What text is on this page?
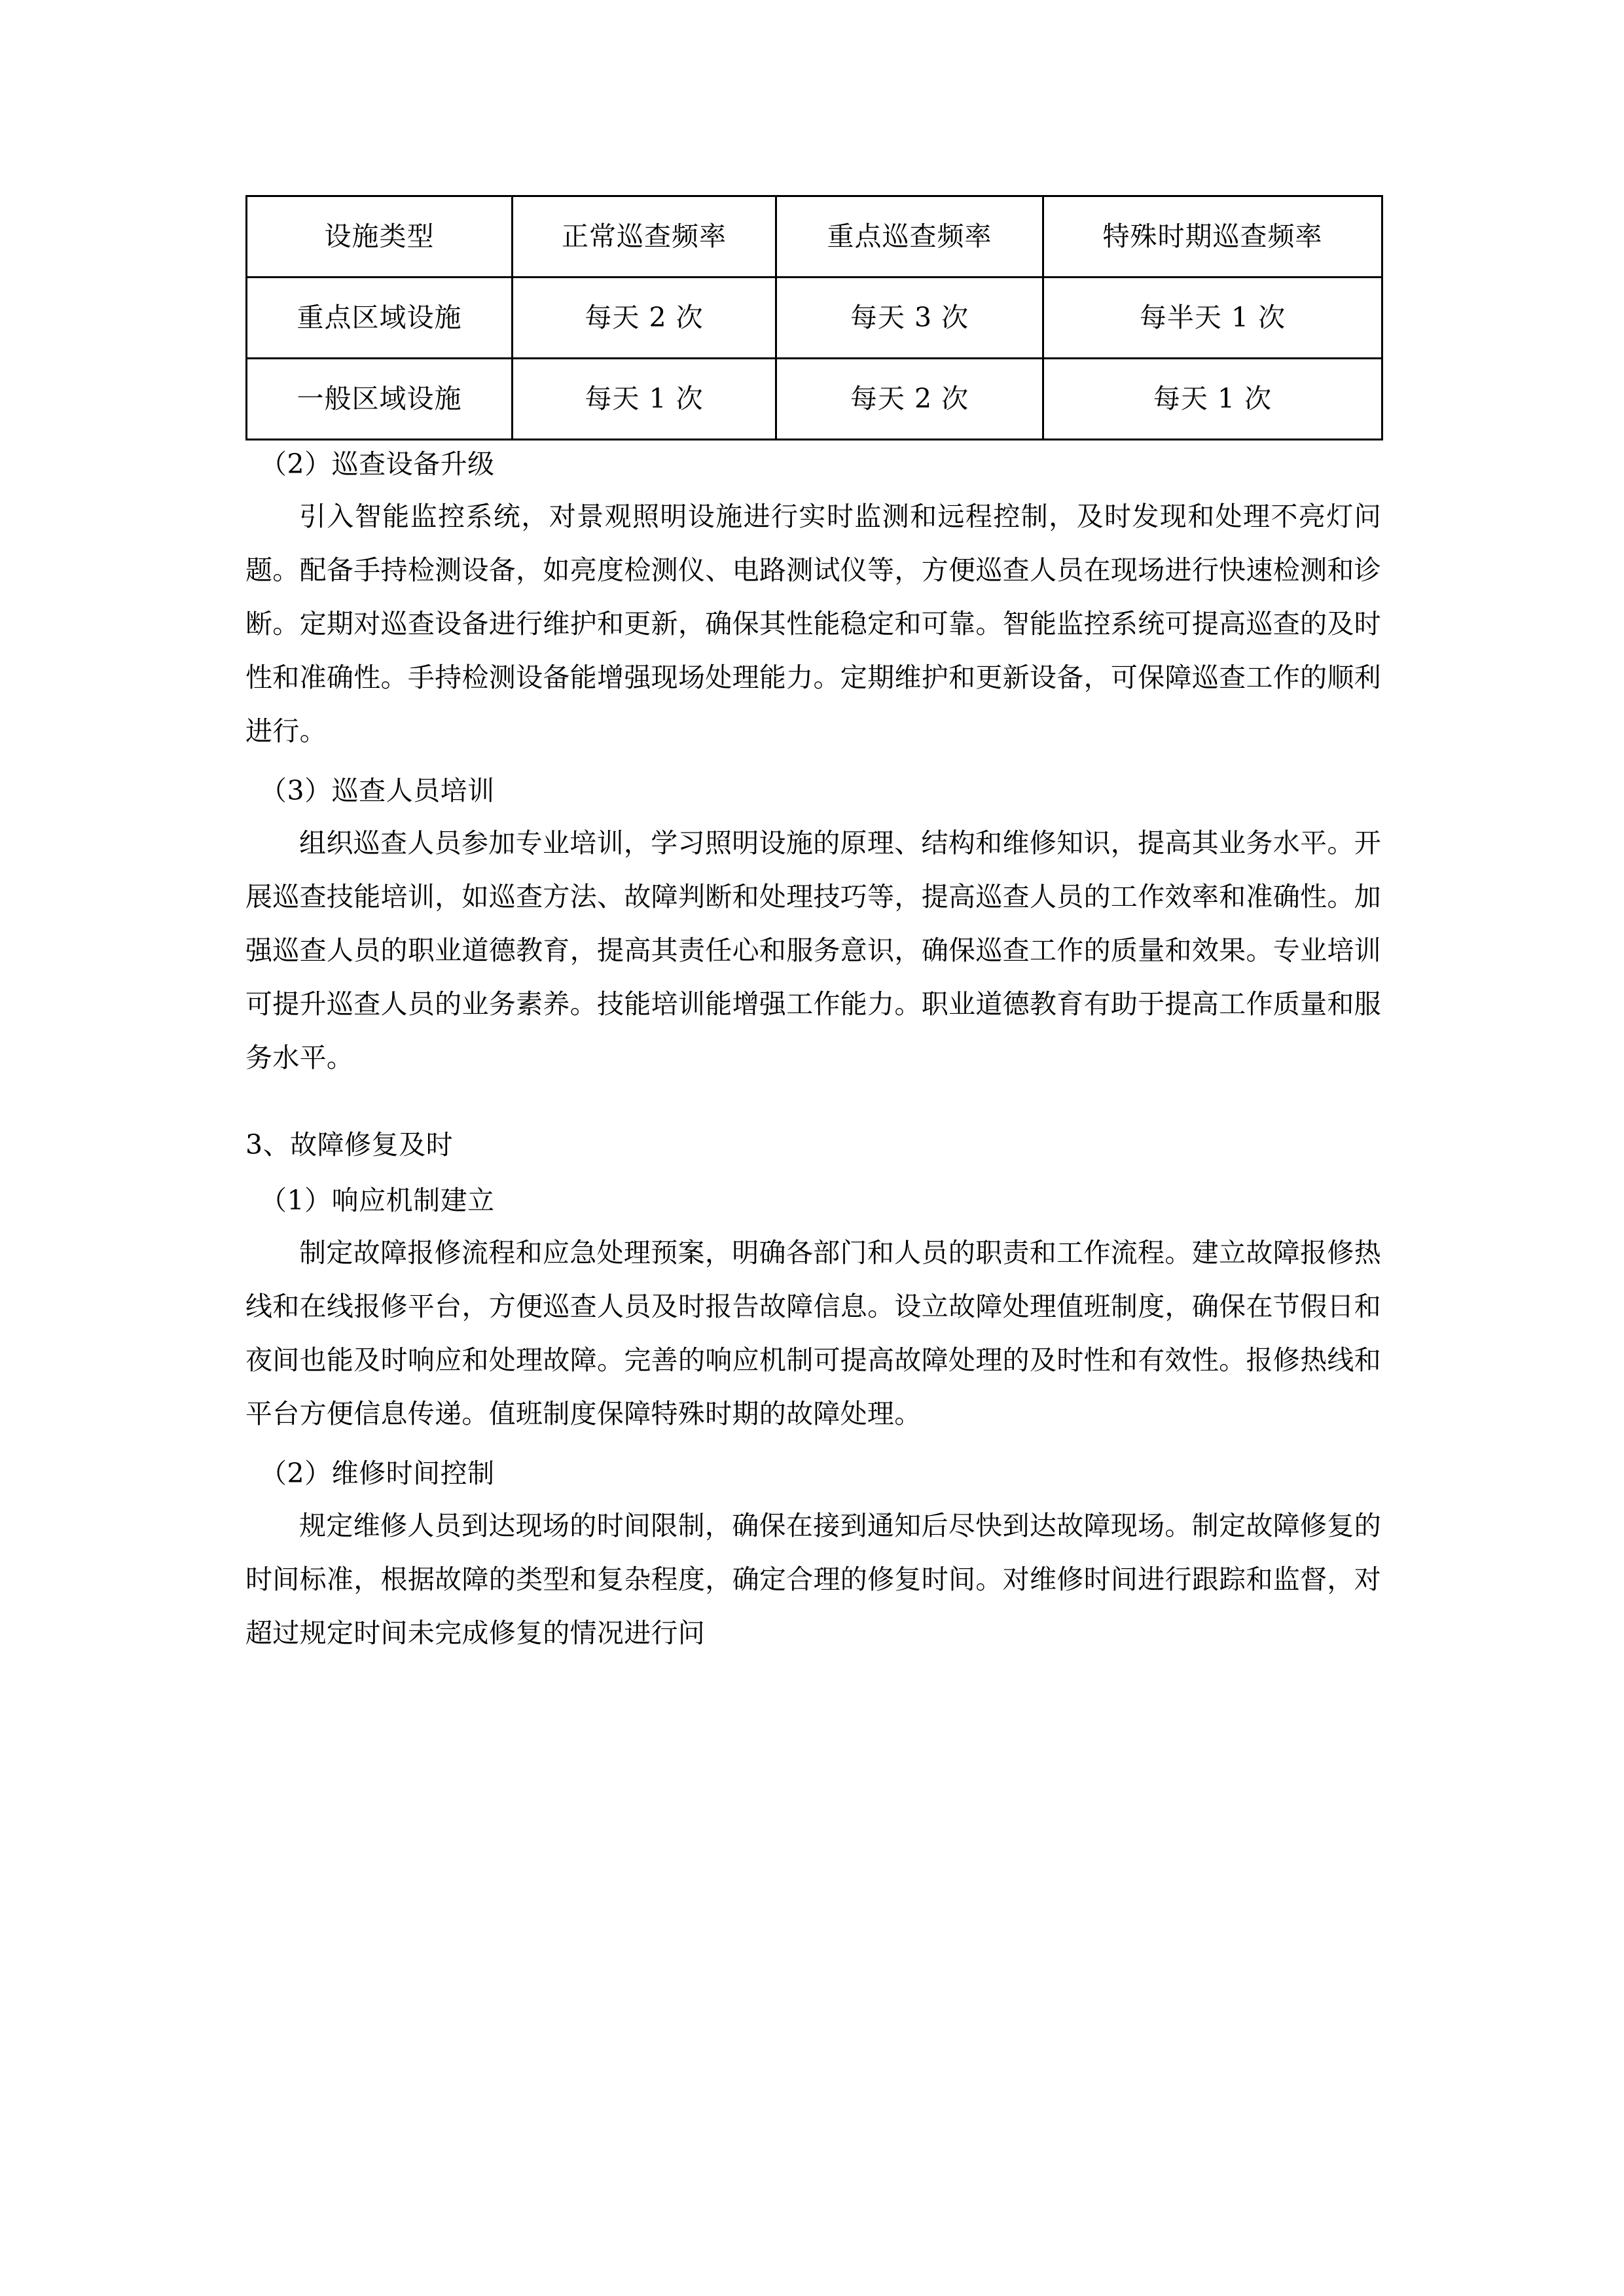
设施类型	正常巡查频率	重点巡查频率	特殊时期巡查频率
重点区域设施	每天 2 次	每天 3 次	每半天 1 次
一般区域设施	每天 1 次	每天 2 次	每天 1 次
（2）巡查设备升级

引入智能监控系统，对景观照明设施进行实时监测和远程控制，及时发现和处理不亮灯问题。配备手持检测设备，如亮度检测仪、电路测试仪等，方便巡查人员在现场进行快速检测和诊断。定期对巡查设备进行维护和更新，确保其性能稳定和可靠。智能监控系统可提高巡查的及时性和准确性。手持检测设备能增强现场处理能力。定期维护和更新设备，可保障巡查工作的顺利进行。

（3）巡查人员培训

组织巡查人员参加专业培训，学习照明设施的原理、结构和维修知识，提高其业务水平。开展巡查技能培训，如巡查方法、故障判断和处理技巧等，提高巡查人员的工作效率和准确性。加强巡查人员的职业道德教育，提高其责任心和服务意识，确保巡查工作的质量和效果。专业培训可提升巡查人员的业务素养。技能培训能增强工作能力。职业道德教育有助于提高工作质量和服务水平。

3、故障修复及时
（1）响应机制建立

制定故障报修流程和应急处理预案，明确各部门和人员的职责和工作流程。建立故障报修热线和在线报修平台，方便巡查人员及时报告故障信息。设立故障处理值班制度，确保在节假日和夜间也能及时响应和处理故障。完善的响应机制可提高故障处理的及时性和有效性。报修热线和平台方便信息传递。值班制度保障特殊时期的故障处理。

（2）维修时间控制

规定维修人员到达现场的时间限制，确保在接到通知后尽快到达故障现场。制定故障修复的时间标准，根据故障的类型和复杂程度，确定合理的修复时间。对维修时间进行跟踪和监督，对超过规定时间未完成修复的情况进行问
